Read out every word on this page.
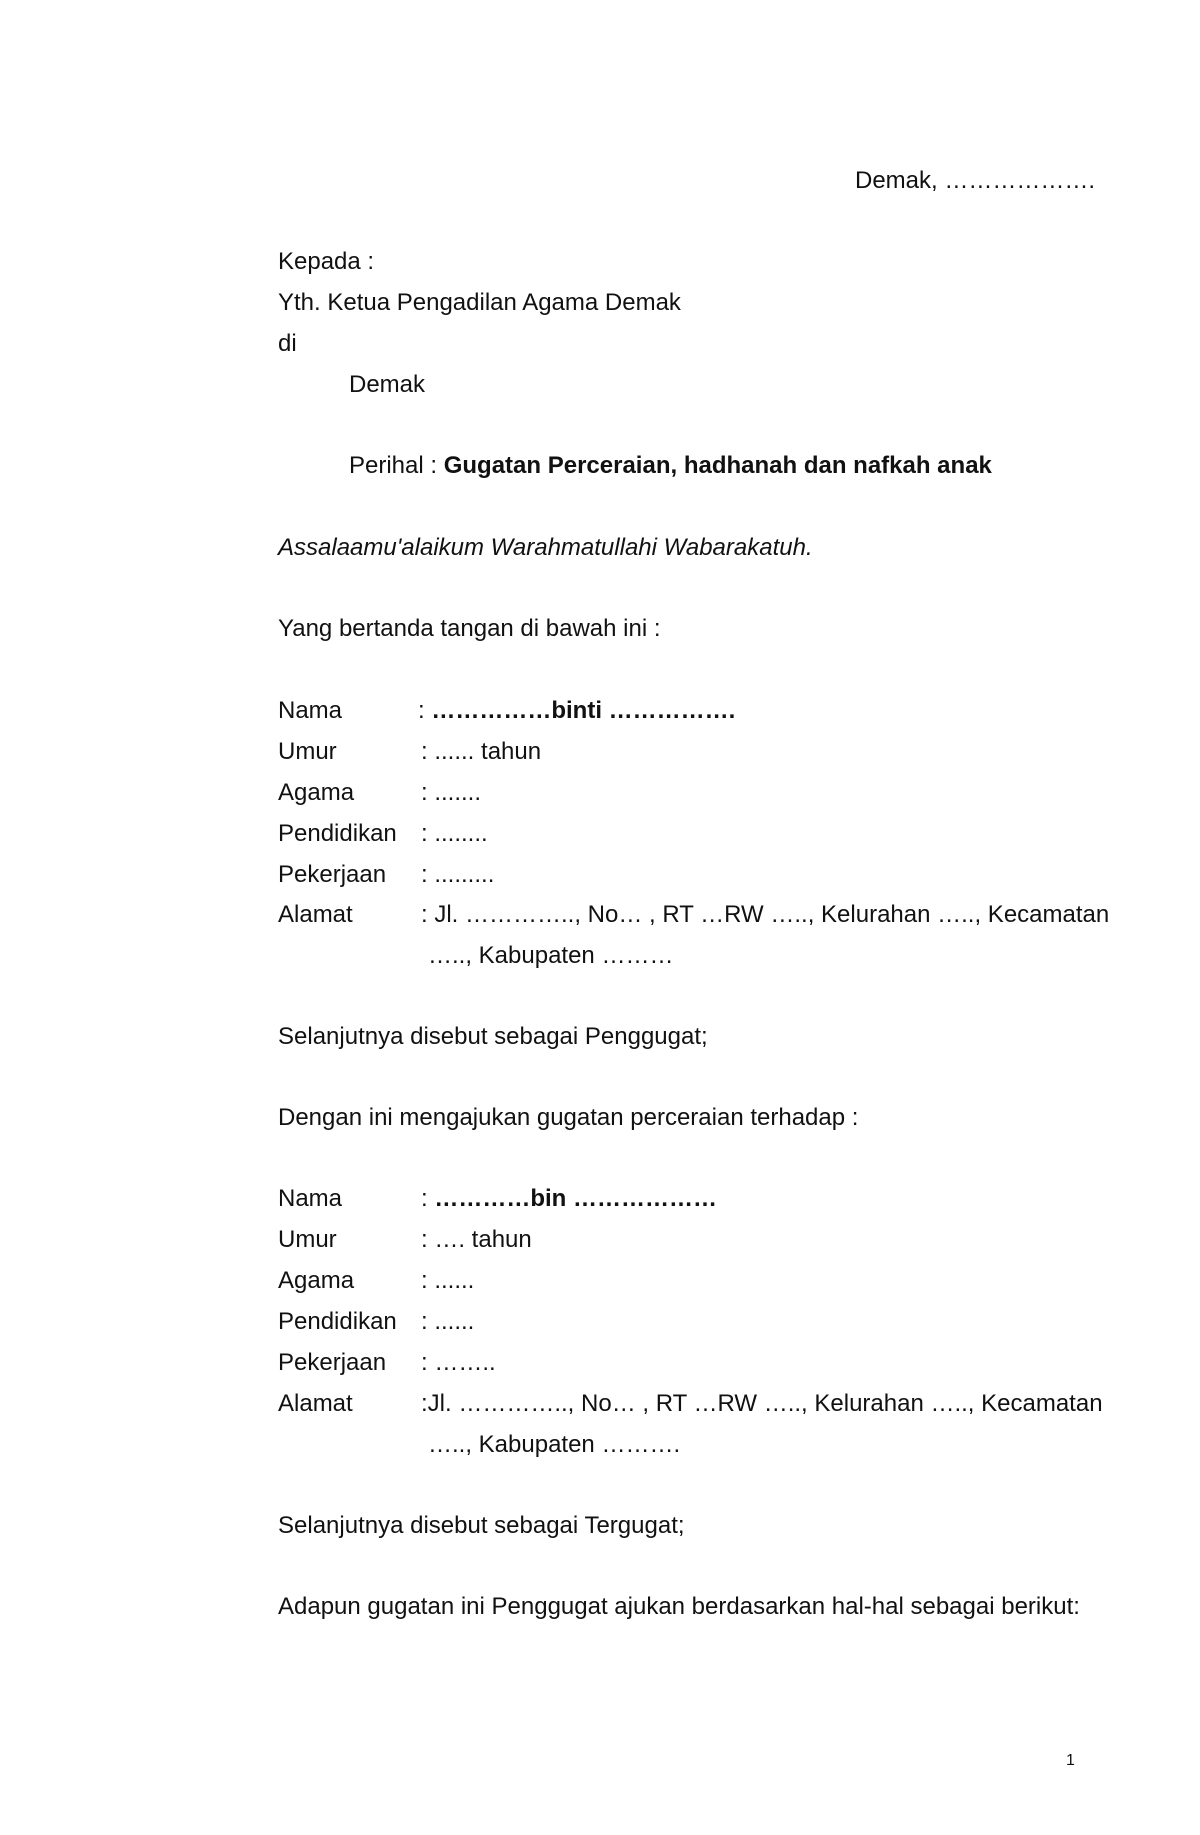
Demak, ……………….
Kepada :
Yth. Ketua Pengadilan Agama Demak
di
Demak
Perihal : Gugatan Perceraian, hadhanah dan nafkah anak
Assalaamu'alaikum Warahmatullahi Wabarakatuh.
Yang bertanda tangan di bawah ini :
Nama	: ……………binti …………….
Umur	: ...... tahun
Agama	: .......
Pendidikan : ........
Pekerjaan : .........
Alamat	: Jl. ………….., No… , RT …RW ….., Kelurahan ….., Kecamatan
….., Kabupaten ………
Selanjutnya disebut sebagai Penggugat;
Dengan ini mengajukan gugatan perceraian terhadap :
Nama	: …………bin ………………
Umur	: …. tahun
Agama	: ......
Pendidikan : ......
Pekerjaan : ……..
Alamat	:Jl. ………….., No… , RT …RW ….., Kelurahan ….., Kecamatan
….., Kabupaten ……….
Selanjutnya disebut sebagai Tergugat;
Adapun gugatan ini Penggugat ajukan berdasarkan hal-hal sebagai berikut:
1
